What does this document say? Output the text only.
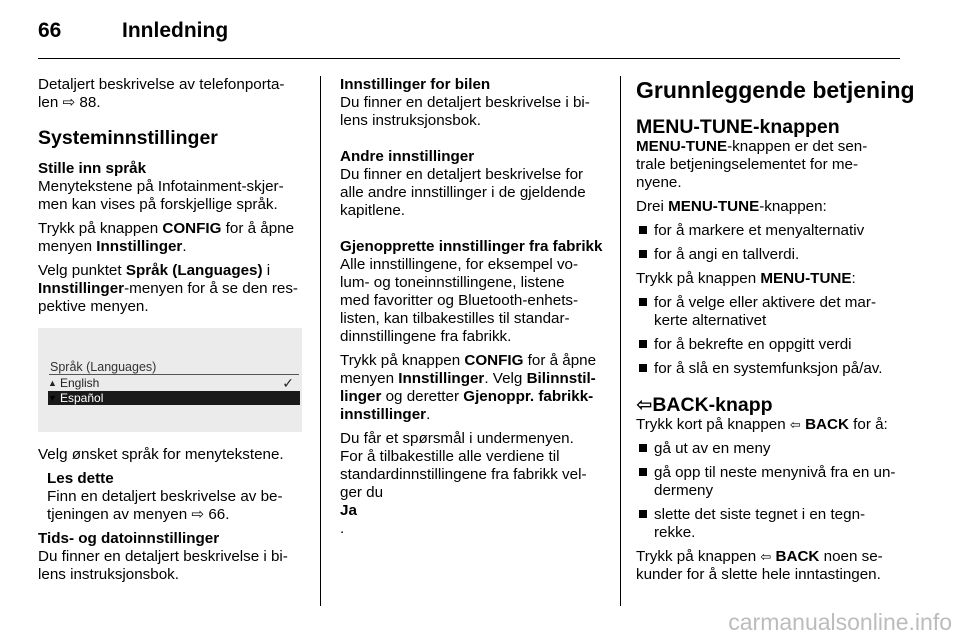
66	Innledning
Detaljert beskrivelse av telefonporta-
len ⇨ 88.
Systeminnstillinger
Stille inn språk
Menytekstene på Infotainment-skjer-
men kan vises på forskjellige språk.
Trykk på knappen CONFIG for å åpne
menyen Innstillinger.
Velg punktet Språk (Languages) i
Innstillinger-menyen for å se den res-
pektive menyen.
Språk (Languages)
▲ English	✓
▼ Español
Velg ønsket språk for menytekstene.
Les dette
Finn en detaljert beskrivelse av be-
tjeningen av menyen ⇨ 66.
Tids- og datoinnstillinger
Du finner en detaljert beskrivelse i bi-
lens instruksjonsbok.
Innstillinger for bilen
Du finner en detaljert beskrivelse i bi-
lens instruksjonsbok.
Andre innstillinger
Du finner en detaljert beskrivelse for
alle andre innstillinger i de gjeldende
kapitlene.
Gjenopprette innstillinger fra fabrikk
Alle innstillingene, for eksempel vo-
lum- og toneinnstillingene, listene
med favoritter og Bluetooth-enhets-
listen, kan tilbakestilles til standar-
dinnstillingene fra fabrikk.
Trykk på knappen CONFIG for å åpne
menyen Innstillinger. Velg Bilinnstil-
linger og deretter Gjenoppr. fabrikk-
innstillinger.
Du får et spørsmål i undermenyen.
For å tilbakestille alle verdiene til
standardinnstillingene fra fabrikk vel-
ger du
Ja
.
Grunnleggende betjening
MENU-TUNE-knappen
MENU-TUNE-knappen er det sen-
trale betjeningselementet for me-
nyene.
Drei MENU-TUNE-knappen:
for å markere et menyalternativ
for å angi en tallverdi.
Trykk på knappen MENU-TUNE:
for å velge eller aktivere det mar-
kerte alternativet
for å bekrefte en oppgitt verdi
for å slå en systemfunksjon på/av.
⇦BACK-knapp
Trykk kort på knappen ⇦ BACK for å:
gå ut av en meny
gå opp til neste menynivå fra en un-
dermeny
slette det siste tegnet i en tegn-
rekke.
Trykk på knappen ⇦ BACK noen se-
kunder for å slette hele inntastingen.
carmanualsonline.info
